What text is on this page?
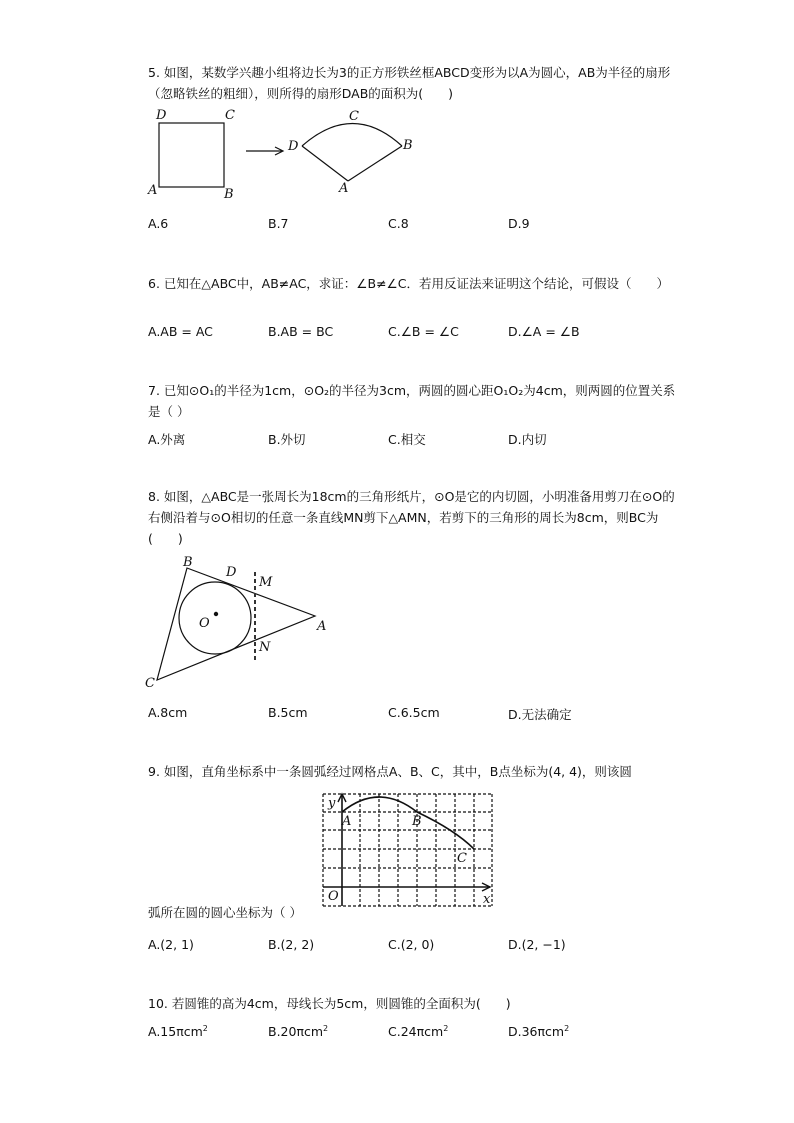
5. 如图，某数学兴趣小组将边长为3的正方形铁丝框ABCD变形为以A为圆心，AB为半径的扇形（忽略铁丝的粗细），则所得的扇形DAB的面积为(　　)
D	C
A	B
D
C
B
A
A.6	B.7	C.8	D.9
6. 已知在△ABC中，AB≠AC，求证：∠B≠∠C．若用反证法来证明这个结论，可假设（　　）
A.AB = AC	B.AB = BC	C.∠B = ∠C	D.∠A = ∠B
7. 已知⊙O₁的半径为1cm，⊙O₂的半径为3cm，两圆的圆心距O₁O₂为4cm，则两圆的位置关系是（ ）
A.外离	B.外切	C.相交	D.内切
8. 如图，△ABC是一张周长为18cm的三角形纸片，⊙O是它的内切圆，小明准备用剪刀在⊙O的右侧沿着与⊙O相切的任意一条直线MN剪下△AMN，若剪下的三角形的周长为8cm，则BC为(　　)
B
D
M
O	A
N
C
A.8cm	B.5cm	C.6.5cm	D.无法确定
9. 如图，直角坐标系中一条圆弧经过网格点A、B、C，其中，B点坐标为(4, 4)，则该圆
y
x
O
A	B
C
弧所在圆的圆心坐标为（ ）
A.(2, 1)	B.(2, 2)	C.(2, 0)	D.(2, −1)
10. 若圆锥的高为4cm，母线长为5cm，则圆锥的全面积为(　　)
A.15πcm$^2$	B.20πcm$^2$	C.24πcm$^2$	D.36πcm$^2$
